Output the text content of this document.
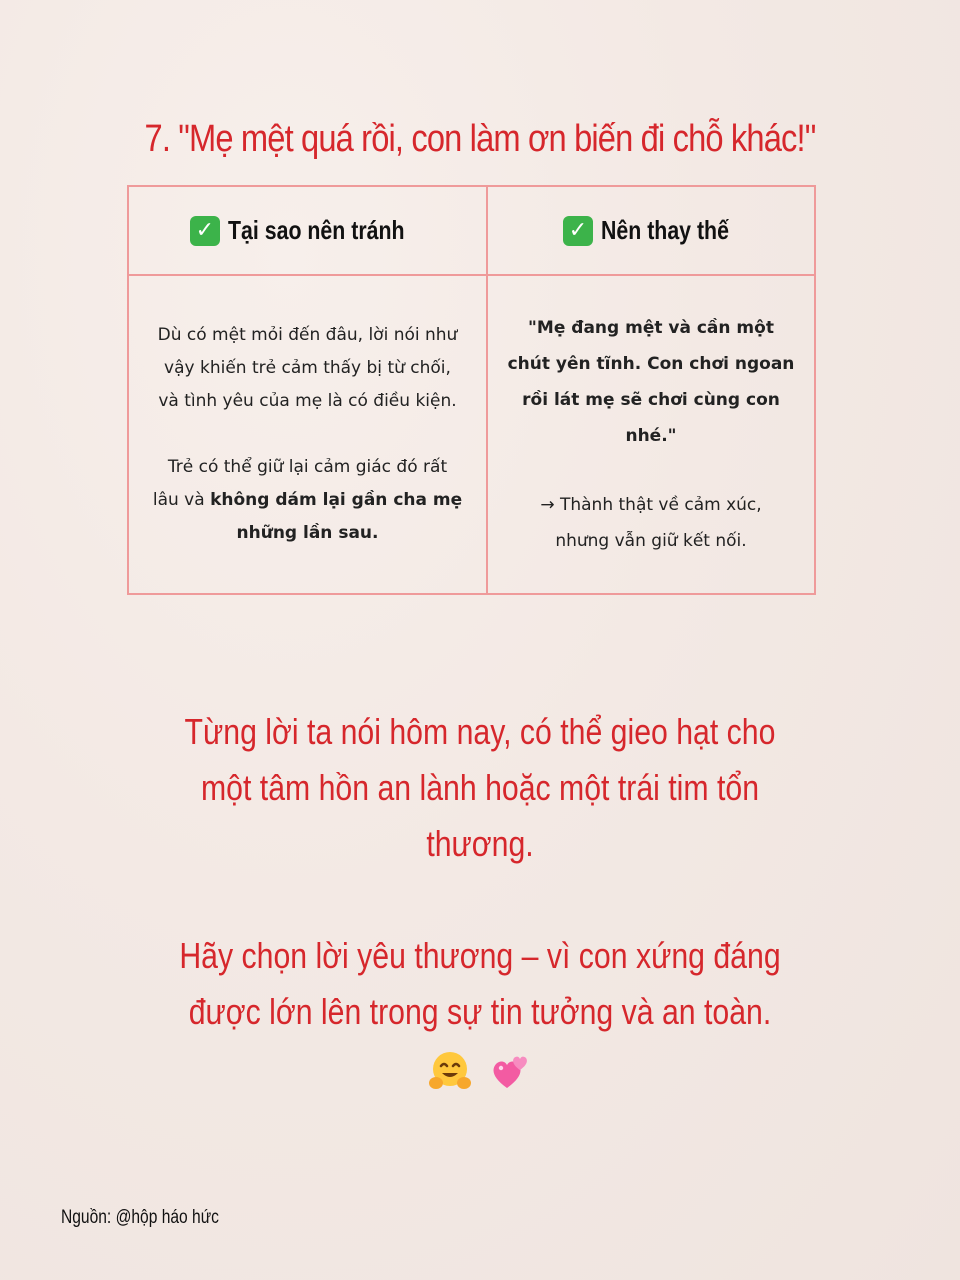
7. "Mẹ mệt quá rồi, con làm ơn biến đi chỗ khác!"
✓ Tại sao nên tránh	✓ Nên thay thế

Dù có mệt mỏi đến đâu, lời nói như
vậy khiến trẻ cảm thấy bị từ chối,
và tình yêu của mẹ là có điều kiện.

Trẻ có thể giữ lại cảm giác đó rất
lâu và không dám lại gần cha mẹ
những lần sau.

"Mẹ đang mệt và cần một
chút yên tĩnh. Con chơi ngoan
rồi lát mẹ sẽ chơi cùng con
nhé."

→ Thành thật về cảm xúc,
nhưng vẫn giữ kết nối.

Từng lời ta nói hôm nay, có thể gieo hạt cho
một tâm hồn an lành hoặc một trái tim tổn
thương.
Hãy chọn lời yêu thương – vì con xứng đáng
được lớn lên trong sự tin tưởng và an toàn.

Nguồn: @hộp háo hức
